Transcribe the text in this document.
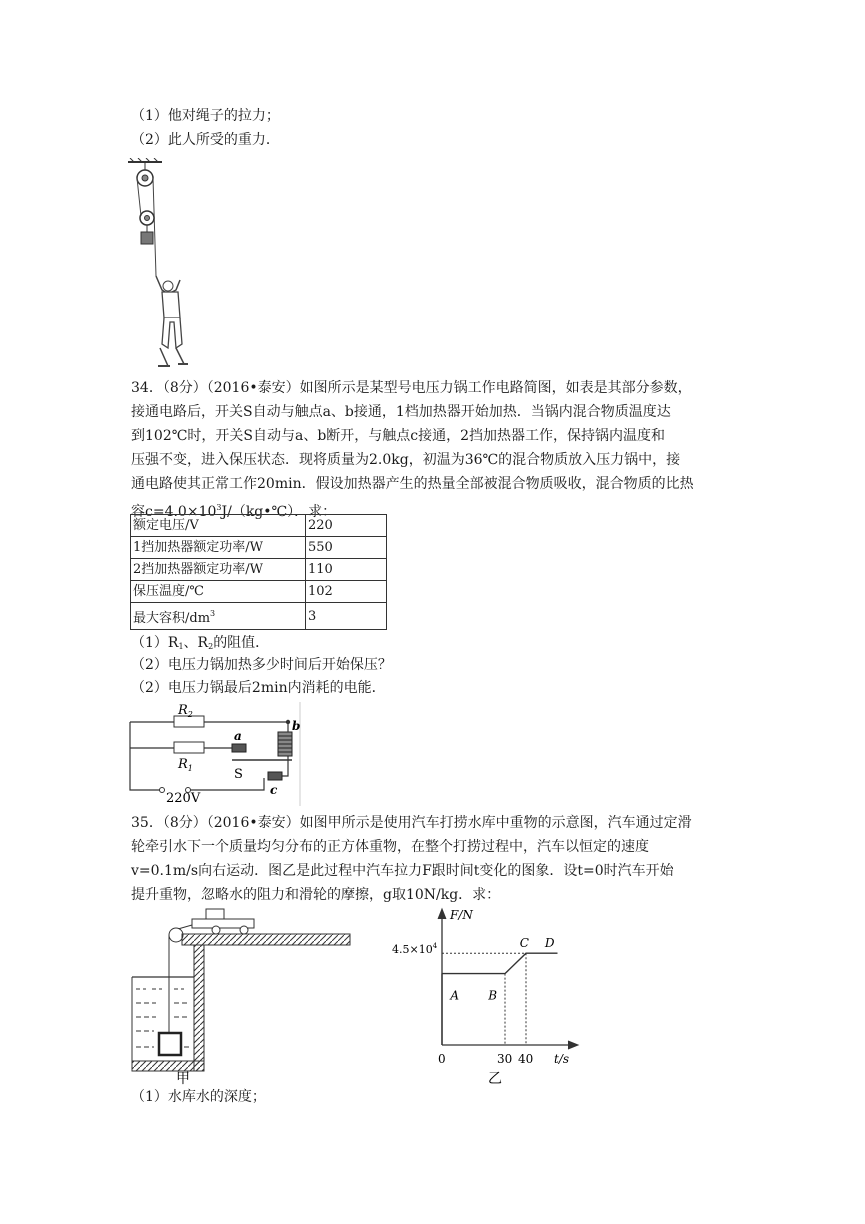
（1）他对绳子的拉力；
（2）此人所受的重力．
34．（8分）（2016•泰安）如图所示是某型号电压力锅工作电路简图，如表是其部分参数，
接通电路后，开关S自动与触点a、b接通，1档加热器开始加热．当锅内混合物质温度达
到102℃时，开关S自动与a、b断开，与触点c接通，2挡加热器工作，保持锅内温度和
压强不变，进入保压状态．现将质量为2.0kg，初温为36℃的混合物质放入压力锅中，接
通电路使其正常工作20min．假设加热器产生的热量全部被混合物质吸收，混合物质的比热
容$c=4.0\times 10^3J/(kg•℃)$．求：
额定电压/V	220
1挡加热器额定功率/W	550
2挡加热器额定功率/W	110
保压温度/℃	102
最大容积$/dm^3$	3
$(1)R_1$、$R_2$的阻值．
（2）电压力锅加热多少时间后开始保压？
（2）电压力锅最后2min内消耗的电能．
$R_2$
$R_1$
a
b
c
S
220V
35．（8分）（2016•泰安）如图甲所示是使用汽车打捞水库中重物的示意图，汽车通过定滑
轮牵引水下一个质量均匀分布的正方体重物，在整个打捞过程中，汽车以恒定的速度
v=0.1m/s向右运动．图乙是此过程中汽车拉力F跟时间t变化的图象．设t=0时汽车开始
提升重物，忽略水的阻力和滑轮的摩擦，g取10N/kg．求：
甲
F/N
t/s
$4.5\times 10^4$
0	30 40
A B
C D
乙
（1）水库水的深度；
